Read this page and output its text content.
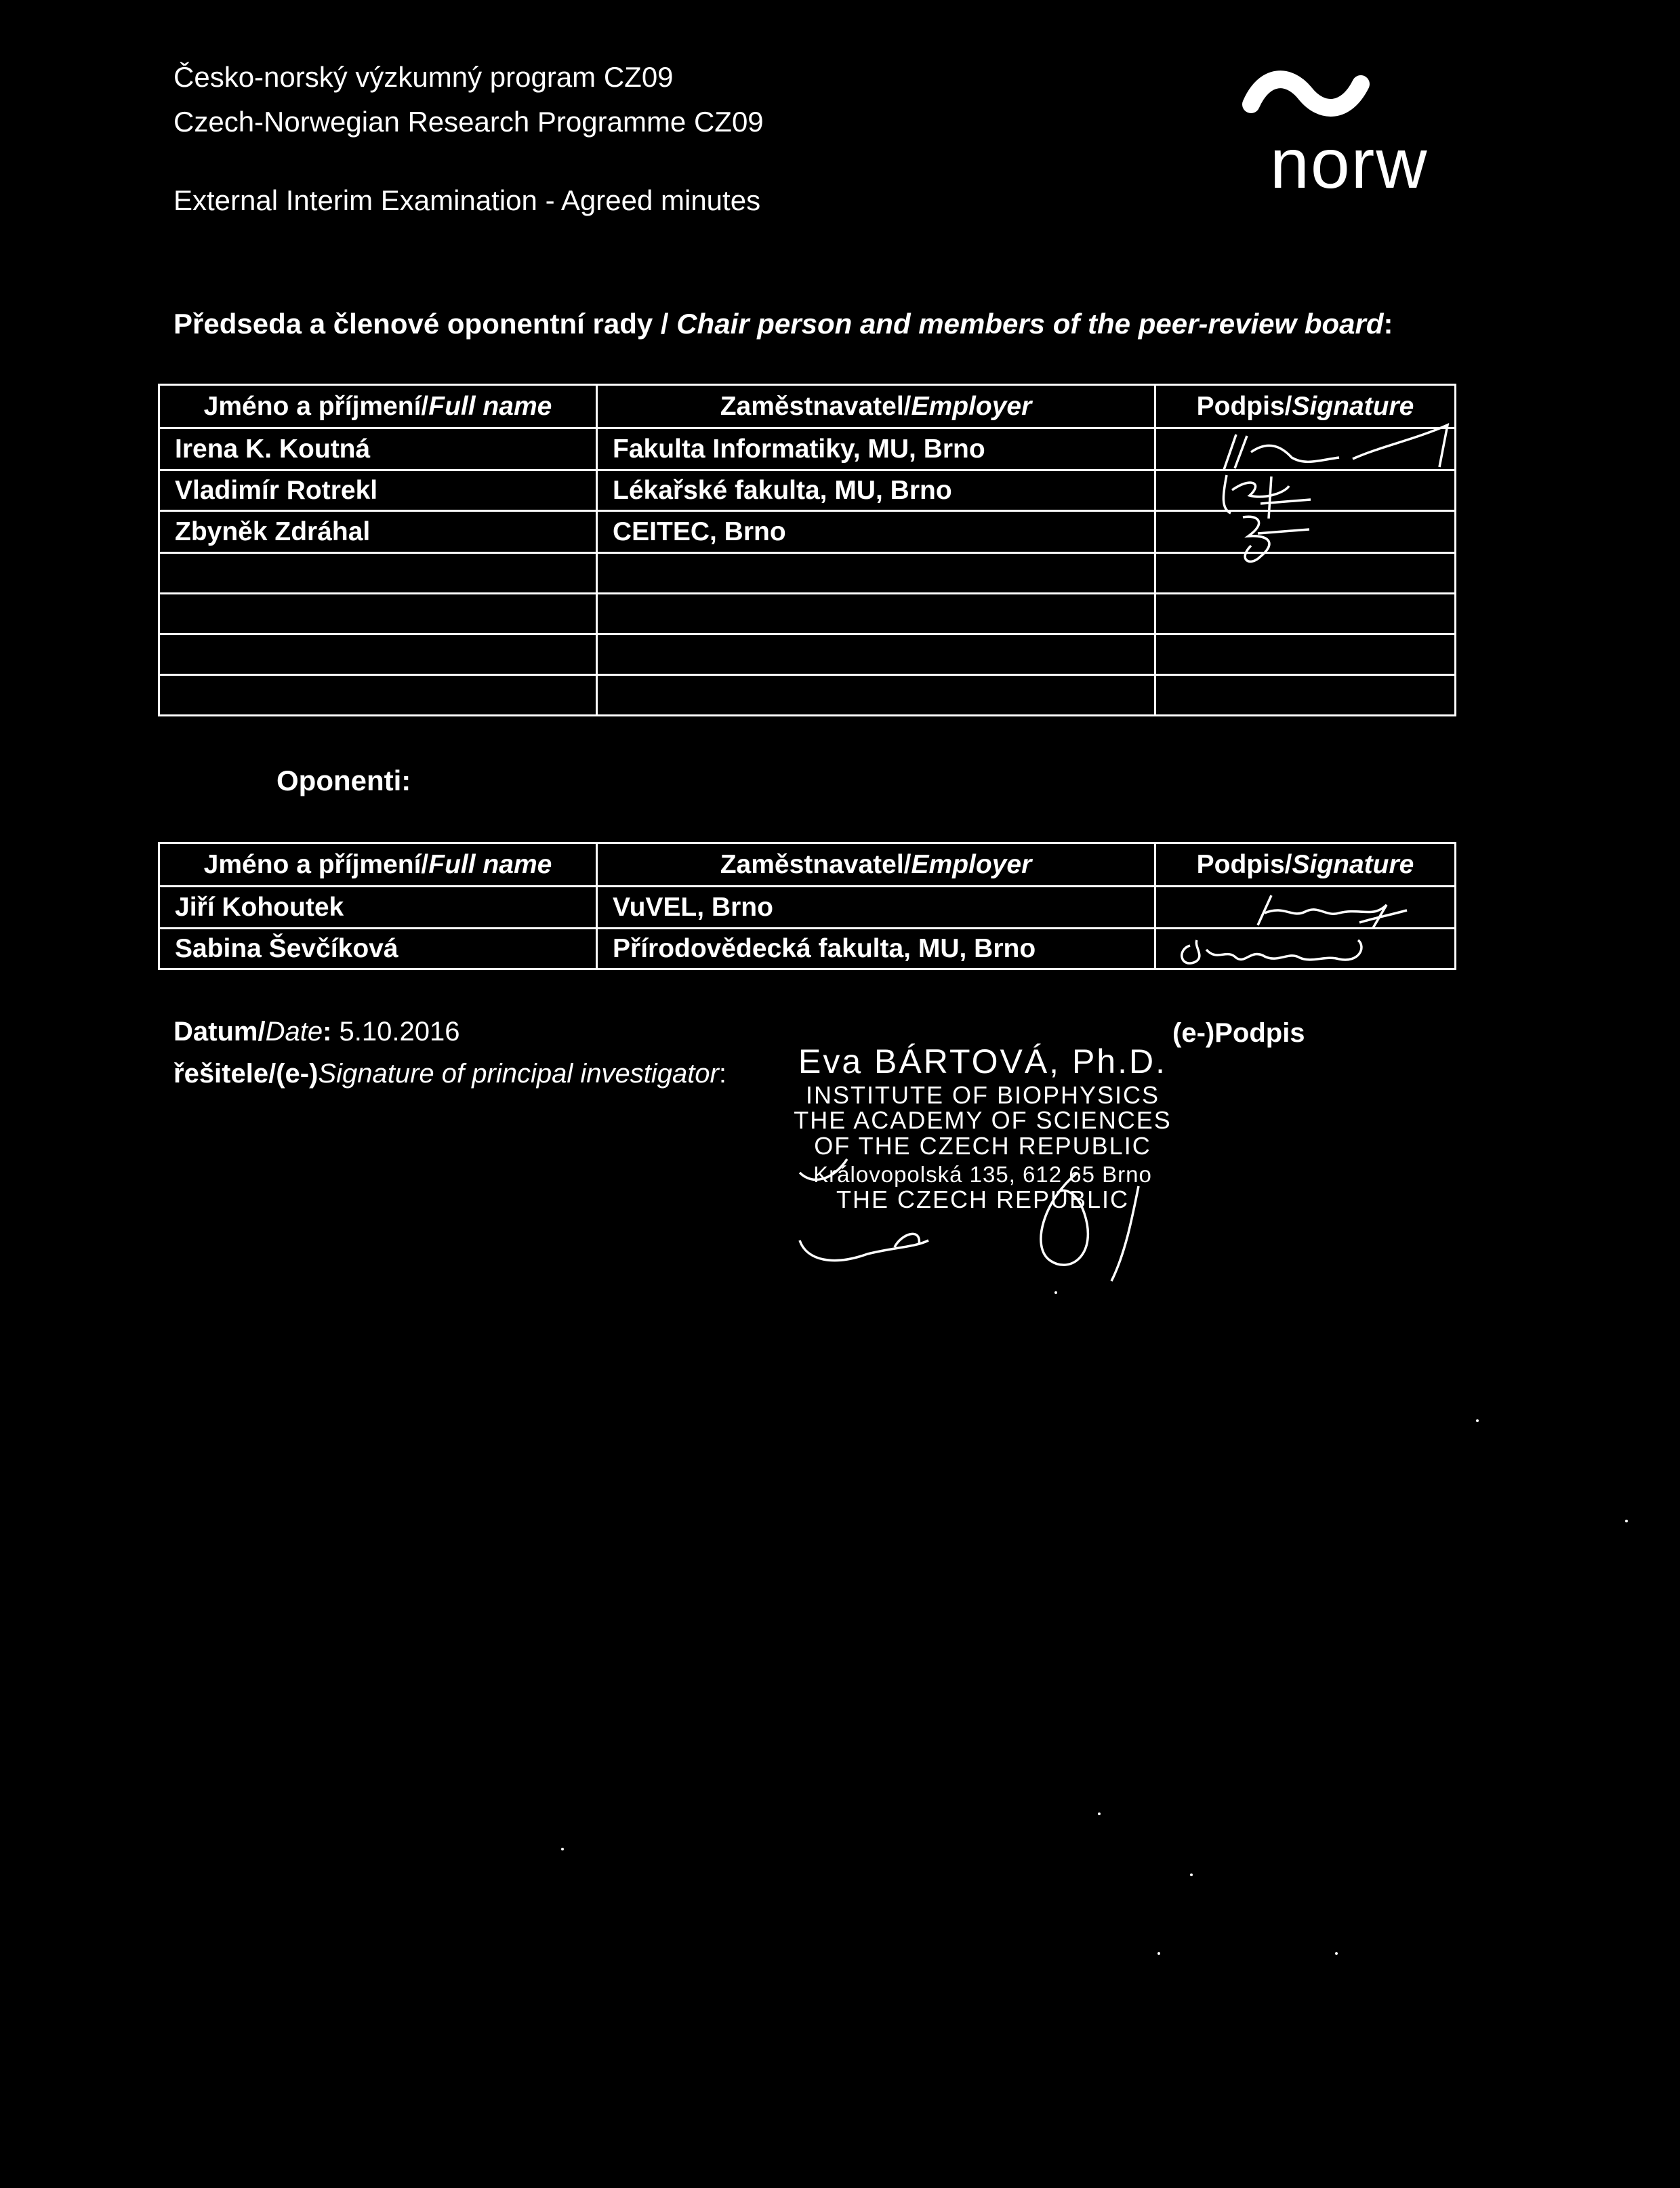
Česko-norský výzkumný program CZ09
Czech-Norwegian Research Programme CZ09
External Interim Examination - Agreed minutes	norw
Předseda a členové oponentní rady / Chair person and members of the peer-review board:
Jméno a příjmení/Full name	Zaměstnavatel/Employer	Podpis/Signature
Irena K. Koutná	Fakulta Informatiky, MU, Brno	

Vladimír Rotrekl	Lékařské fakulta, MU, Brno	

Zbyněk Zdráhal	CEITEC, Brno	

Oponenti:
Jméno a příjmení/Full name	Zaměstnavatel/Employer	Podpis/Signature
Jiří Kohoutek	VuVEL, Brno	

Sabina Ševčíková	Přírodovědecká fakulta, MU, Brno	
Datum/Date: 5.10.2016	(e-)Podpis
řešitele/(e-)Signature of principal investigator:	Eva BÁRTOVÁ, Ph.D.
INSTITUTE OF BIOPHYSICS
THE ACADEMY OF SCIENCES
OF THE CZECH REPUBLIC
Královopolská 135, 612 65 Brno
THE CZECH REPUBLIC
